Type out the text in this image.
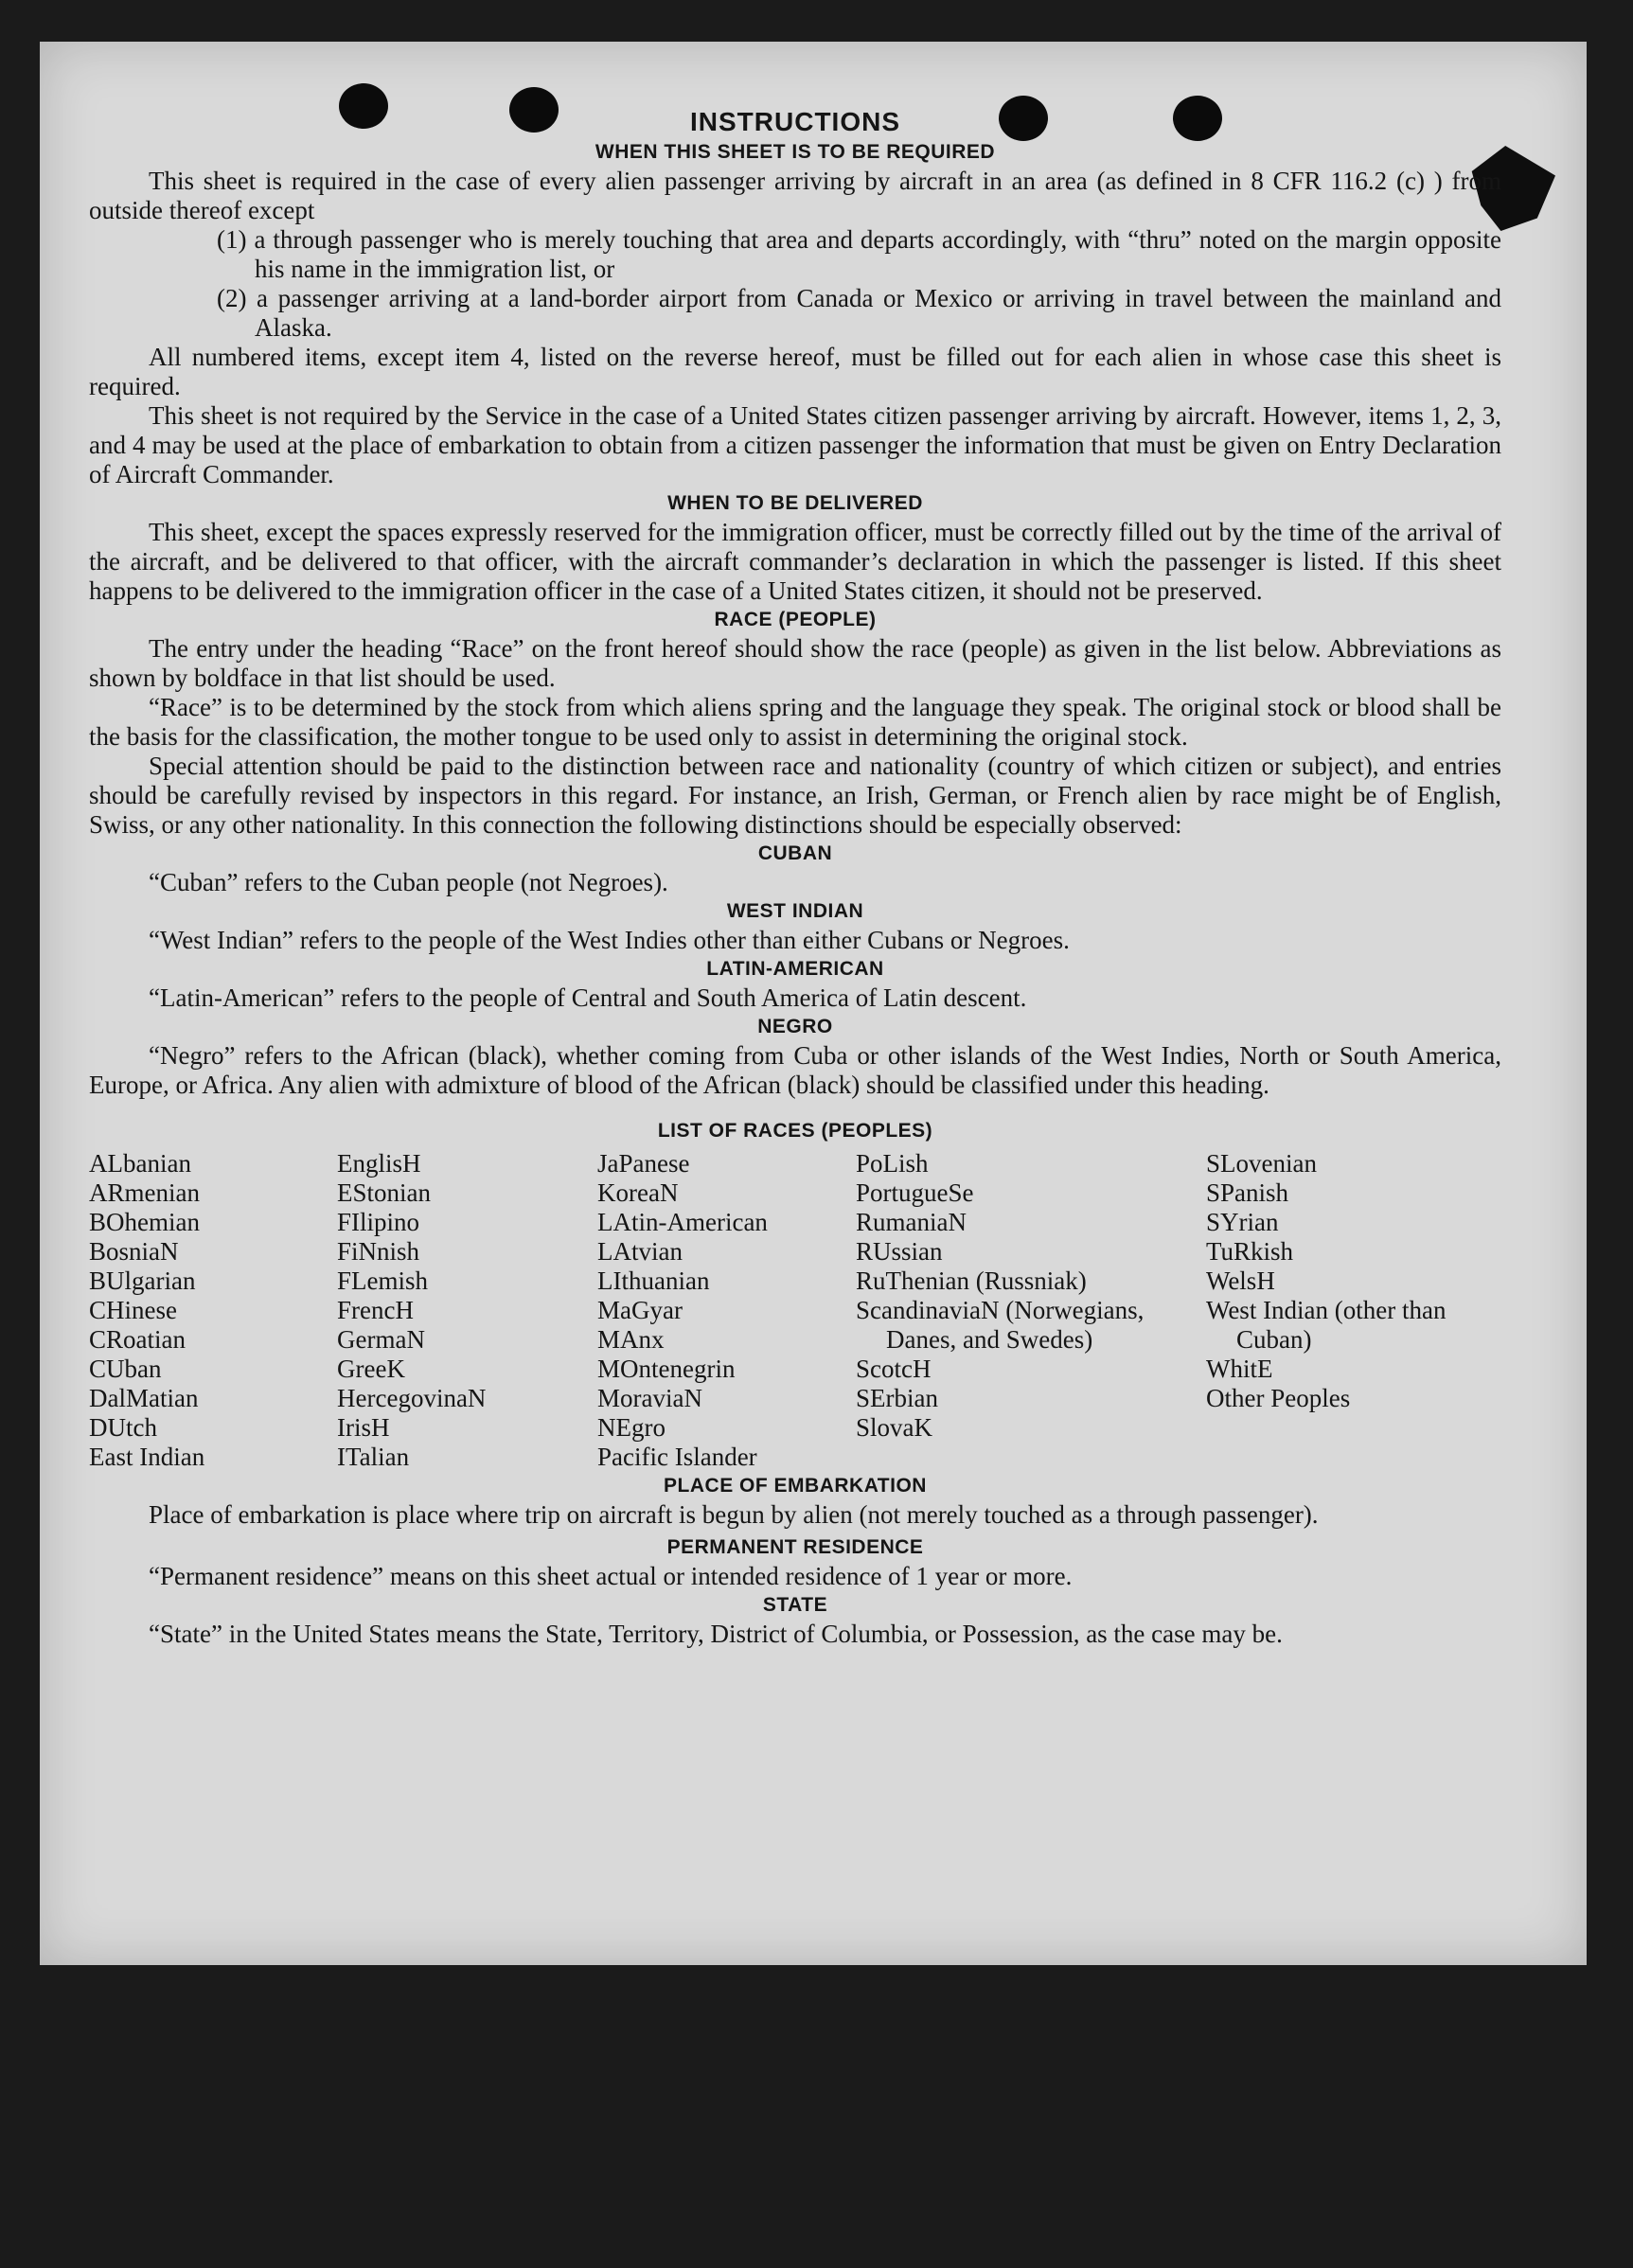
INSTRUCTIONS
WHEN THIS SHEET IS TO BE REQUIRED

This sheet is required in the case of every alien passenger arriving by aircraft in an area (as defined in 8 CFR 116.2 (c) ) from outside thereof except

(1) a through passenger who is merely touching that area and departs accordingly, with “thru” noted on the margin opposite his name in the immigration list, or

(2) a passenger arriving at a land-border airport from Canada or Mexico or arriving in travel between the mainland and Alaska.

All numbered items, except item 4, listed on the reverse hereof, must be filled out for each alien in whose case this sheet is required.

This sheet is not required by the Service in the case of a United States citizen passenger arriving by aircraft. However, items 1, 2, 3, and 4 may be used at the place of embarkation to obtain from a citizen passenger the information that must be given on Entry Declaration of Aircraft Commander.

WHEN TO BE DELIVERED

This sheet, except the spaces expressly reserved for the immigration officer, must be correctly filled out by the time of the arrival of the aircraft, and be delivered to that officer, with the aircraft commander’s declaration in which the passenger is listed. If this sheet happens to be delivered to the immigration officer in the case of a United States citizen, it should not be preserved.

RACE (PEOPLE)

The entry under the heading “Race” on the front hereof should show the race (people) as given in the list below. Abbreviations as shown by boldface in that list should be used.

“Race” is to be determined by the stock from which aliens spring and the language they speak. The original stock or blood shall be the basis for the classification, the mother tongue to be used only to assist in determining the original stock.

Special attention should be paid to the distinction between race and nationality (country of which citizen or subject), and entries should be carefully revised by inspectors in this regard. For instance, an Irish, German, or French alien by race might be of English, Swiss, or any other nationality. In this connection the following distinctions should be especially observed:

CUBAN

“Cuban” refers to the Cuban people (not Negroes).

WEST INDIAN

“West Indian” refers to the people of the West Indies other than either Cubans or Negroes.

LATIN-AMERICAN

“Latin-American” refers to the people of Central and South America of Latin descent.

NEGRO

“Negro” refers to the African (black), whether coming from Cuba or other islands of the West Indies, North or South America, Europe, or Africa. Any alien with admixture of blood of the African (black) should be classified under this heading.

LIST OF RACES (PEOPLES)
ALbanian
ARmenian
BOhemian
BosniaN
BUlgarian
CHinese
CRoatian
CUban
DalMatian
DUtch
East Indian
EnglisH
EStonian
FIlipino
FiNnish
FLemish
FrencH
GermaN
GreeK
HercegovinaN
IrisH
ITalian
JaPanese
KoreaN
LAtin-American
LAtvian
LIthuanian
MaGyar
MAnx
MOntenegrin
MoraviaN
NEgro
Pacific Islander
PoLish
PortugueSe
RumaniaN
RUssian
RuThenian (Russniak)
ScandinaviaN (Norwegians, Danes, and Swedes)
ScotcH
SErbian
SlovaK
SLovenian
SPanish
SYrian
TuRkish
WelsH
West Indian (other than Cuban)
WhitE
Other Peoples
PLACE OF EMBARKATION

Place of embarkation is place where trip on aircraft is begun by alien (not merely touched as a through passenger).

PERMANENT RESIDENCE

“Permanent residence” means on this sheet actual or intended residence of 1 year or more.

STATE

“State” in the United States means the State, Territory, District of Columbia, or Possession, as the case may be.
